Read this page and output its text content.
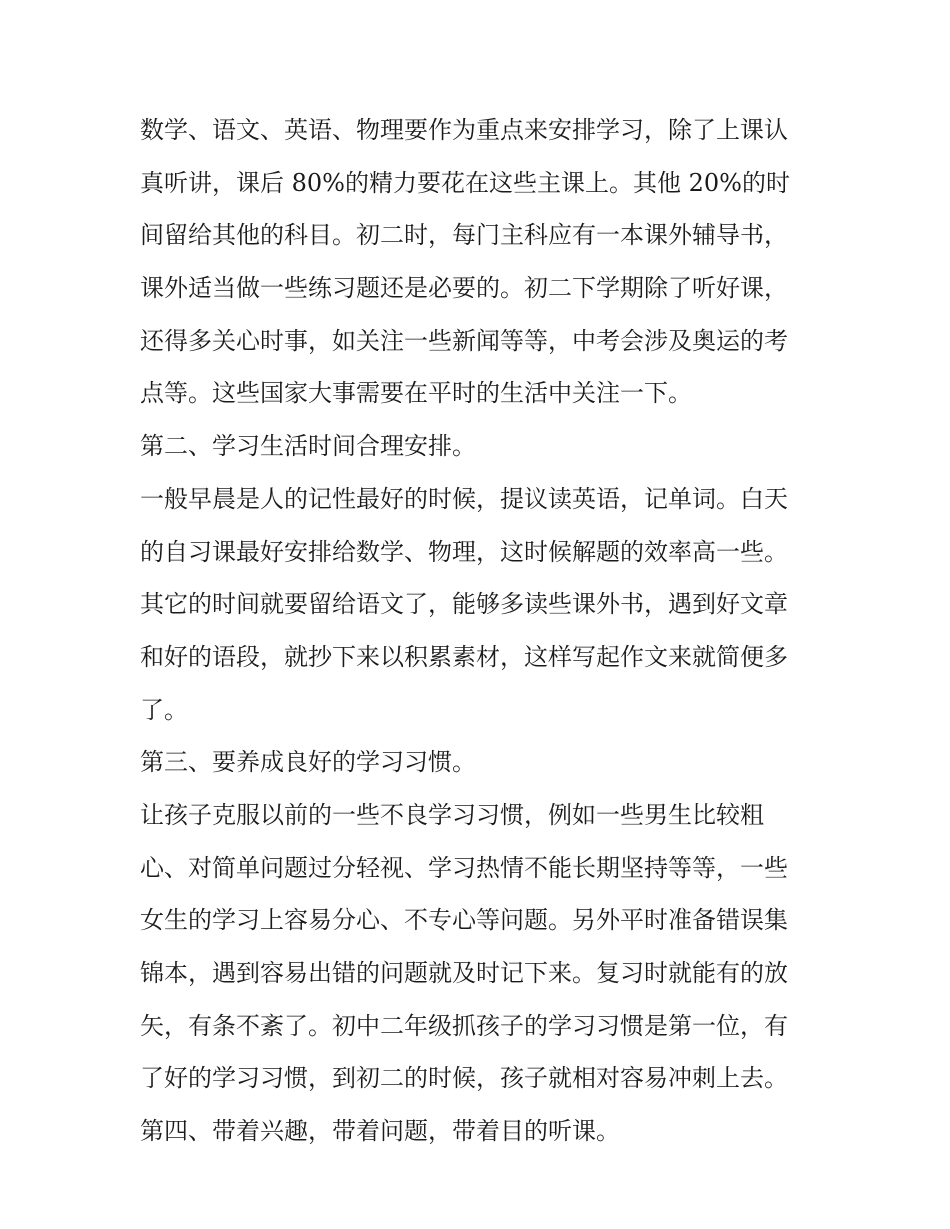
数学、语文、英语、物理要作为重点来安排学习，除了上课认
真听讲，课后 80%的精力要花在这些主课上。其他 20%的时
间留给其他的科目。初二时，每门主科应有一本课外辅导书，
课外适当做一些练习题还是必要的。初二下学期除了听好课，
还得多关心时事，如关注一些新闻等等，中考会涉及奥运的考
点等。这些国家大事需要在平时的生活中关注一下。
第二、学习生活时间合理安排。
一般早晨是人的记性最好的时候，提议读英语，记单词。白天
的自习课最好安排给数学、物理，这时候解题的效率高一些。
其它的时间就要留给语文了，能够多读些课外书，遇到好文章
和好的语段，就抄下来以积累素材，这样写起作文来就简便多
了。
第三、要养成良好的学习习惯。
让孩子克服以前的一些不良学习习惯，例如一些男生比较粗
心、对简单问题过分轻视、学习热情不能长期坚持等等，一些
女生的学习上容易分心、不专心等问题。另外平时准备错误集
锦本，遇到容易出错的问题就及时记下来。复习时就能有的放
矢，有条不紊了。初中二年级抓孩子的学习习惯是第一位，有
了好的学习习惯，到初二的时候，孩子就相对容易冲刺上去。
第四、带着兴趣，带着问题，带着目的听课。
